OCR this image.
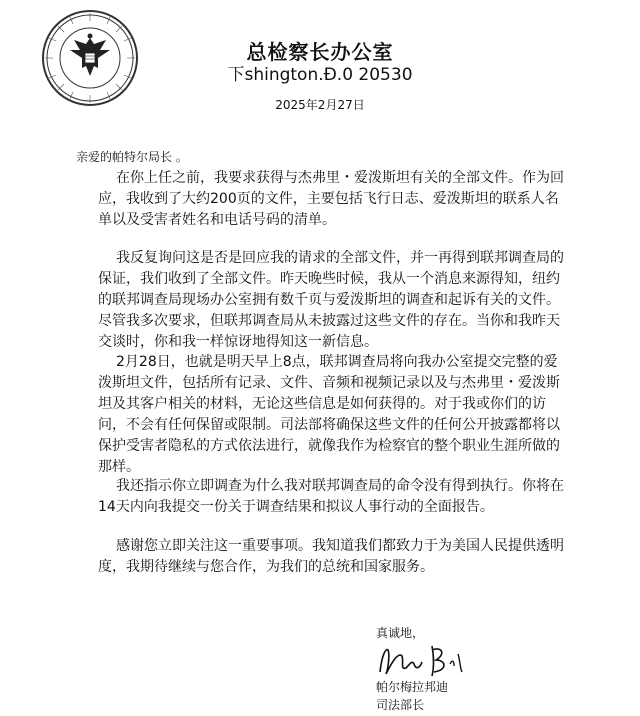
总检察长办公室
下shington.Đ.0 20530
2025年2月27日
亲爱的帕特尔局长 。

在你上任之前，我要求获得与杰弗里・爱泼斯坦有关的全部文件。作为回应，我收到了大约200页的文件，主要包括飞行日志、爱泼斯坦的联系人名单以及受害者姓名和电话号码的清单。

我反复询问这是否是回应我的请求的全部文件，并一再得到联邦调查局的保证，我们收到了全部文件。昨天晚些时候，我从一个消息来源得知，纽约的联邦调查局现场办公室拥有数千页与爱泼斯坦的调查和起诉有关的文件。尽管我多次要求，但联邦调查局从未披露过这些文件的存在。当你和我昨天交谈时，你和我一样惊讶地得知这一新信息。

2月28日，也就是明天早上8点，联邦调查局将向我办公室提交完整的爱泼斯坦文件，包括所有记录、文件、音频和视频记录以及与杰弗里・爱泼斯坦及其客户相关的材料，无论这些信息是如何获得的。对于我或你们的访问，不会有任何保留或限制。司法部将确保这些文件的任何公开披露都将以保护受害者隐私的方式依法进行，就像我作为检察官的整个职业生涯所做的那样。

我还指示你立即调查为什么我对联邦调查局的命令没有得到执行。你将在14天内向我提交一份关于调查结果和拟议人事行动的全面报告。

感谢您立即关注这一重要事项。我知道我们都致力于为美国人民提供透明度，我期待继续与您合作，为我们的总统和国家服务。

真诚地，
帕尔梅拉邦迪
司法部长
